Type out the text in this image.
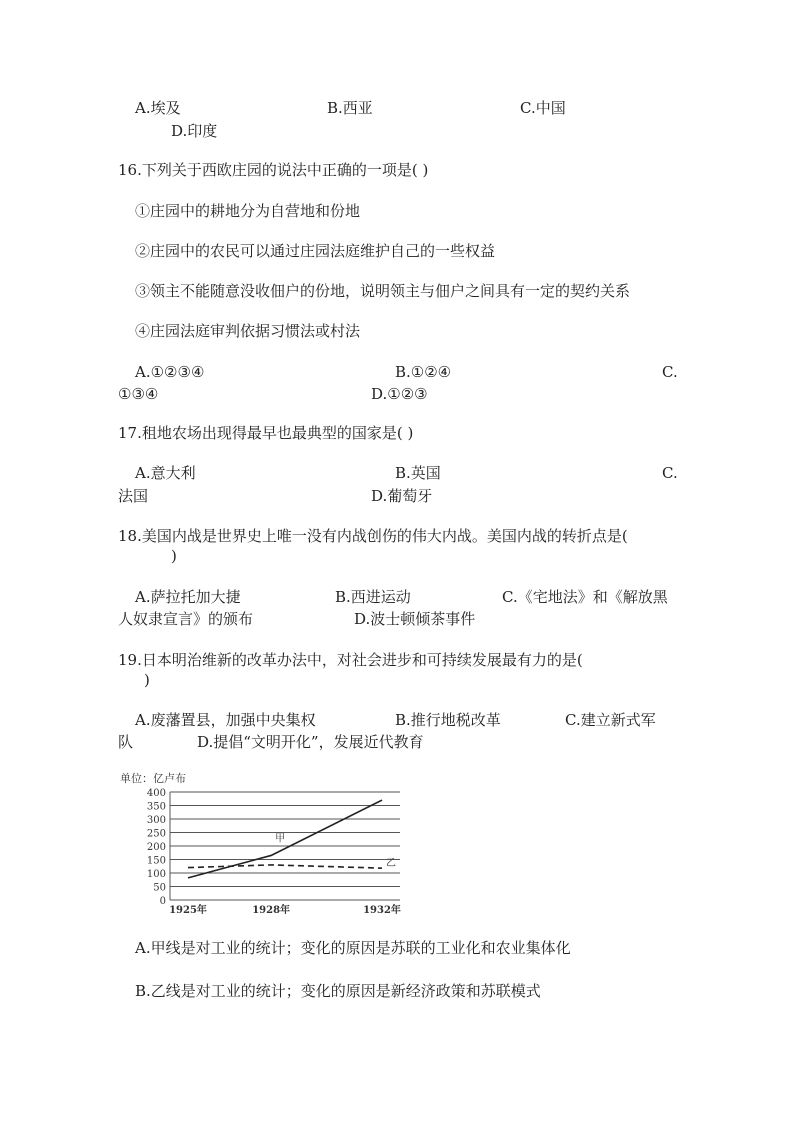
A.埃及	B.西亚	C.中国
D.印度
16.下列关于西欧庄园的说法中正确的一项是( )
①庄园中的耕地分为自营地和份地
②庄园中的农民可以通过庄园法庭维护自己的一些权益
③领主不能随意没收佃户的份地，说明领主与佃户之间具有一定的契约关系
④庄园法庭审判依据习惯法或村法
A.①②③④	B.①②④	C.
①③④	D.①②③
17.租地农场出现得最早也最典型的国家是( )
A.意大利	B.英国	C.
法国	D.葡萄牙
18.美国内战是世界史上唯一没有内战创伤的伟大内战。美国内战的转折点是(
)
A.萨拉托加大捷	B.西进运动	C.《宅地法》和《解放黑
人奴隶宣言》的颁布	D.波士顿倾茶事件
19.日本明治维新的改革办法中，对社会进步和可持续发展最有力的是(
)
A.废藩置县，加强中央集权	B.推行地税改革	C.建立新式军
队	D.提倡“文明开化”，发展近代教育
单位：亿卢布
0
50
100
150
200
250
300
350
400
1925年	1928年	1932年
甲
乙
A.甲线是对工业的统计；变化的原因是苏联的工业化和农业集体化
B.乙线是对工业的统计；变化的原因是新经济政策和苏联模式
